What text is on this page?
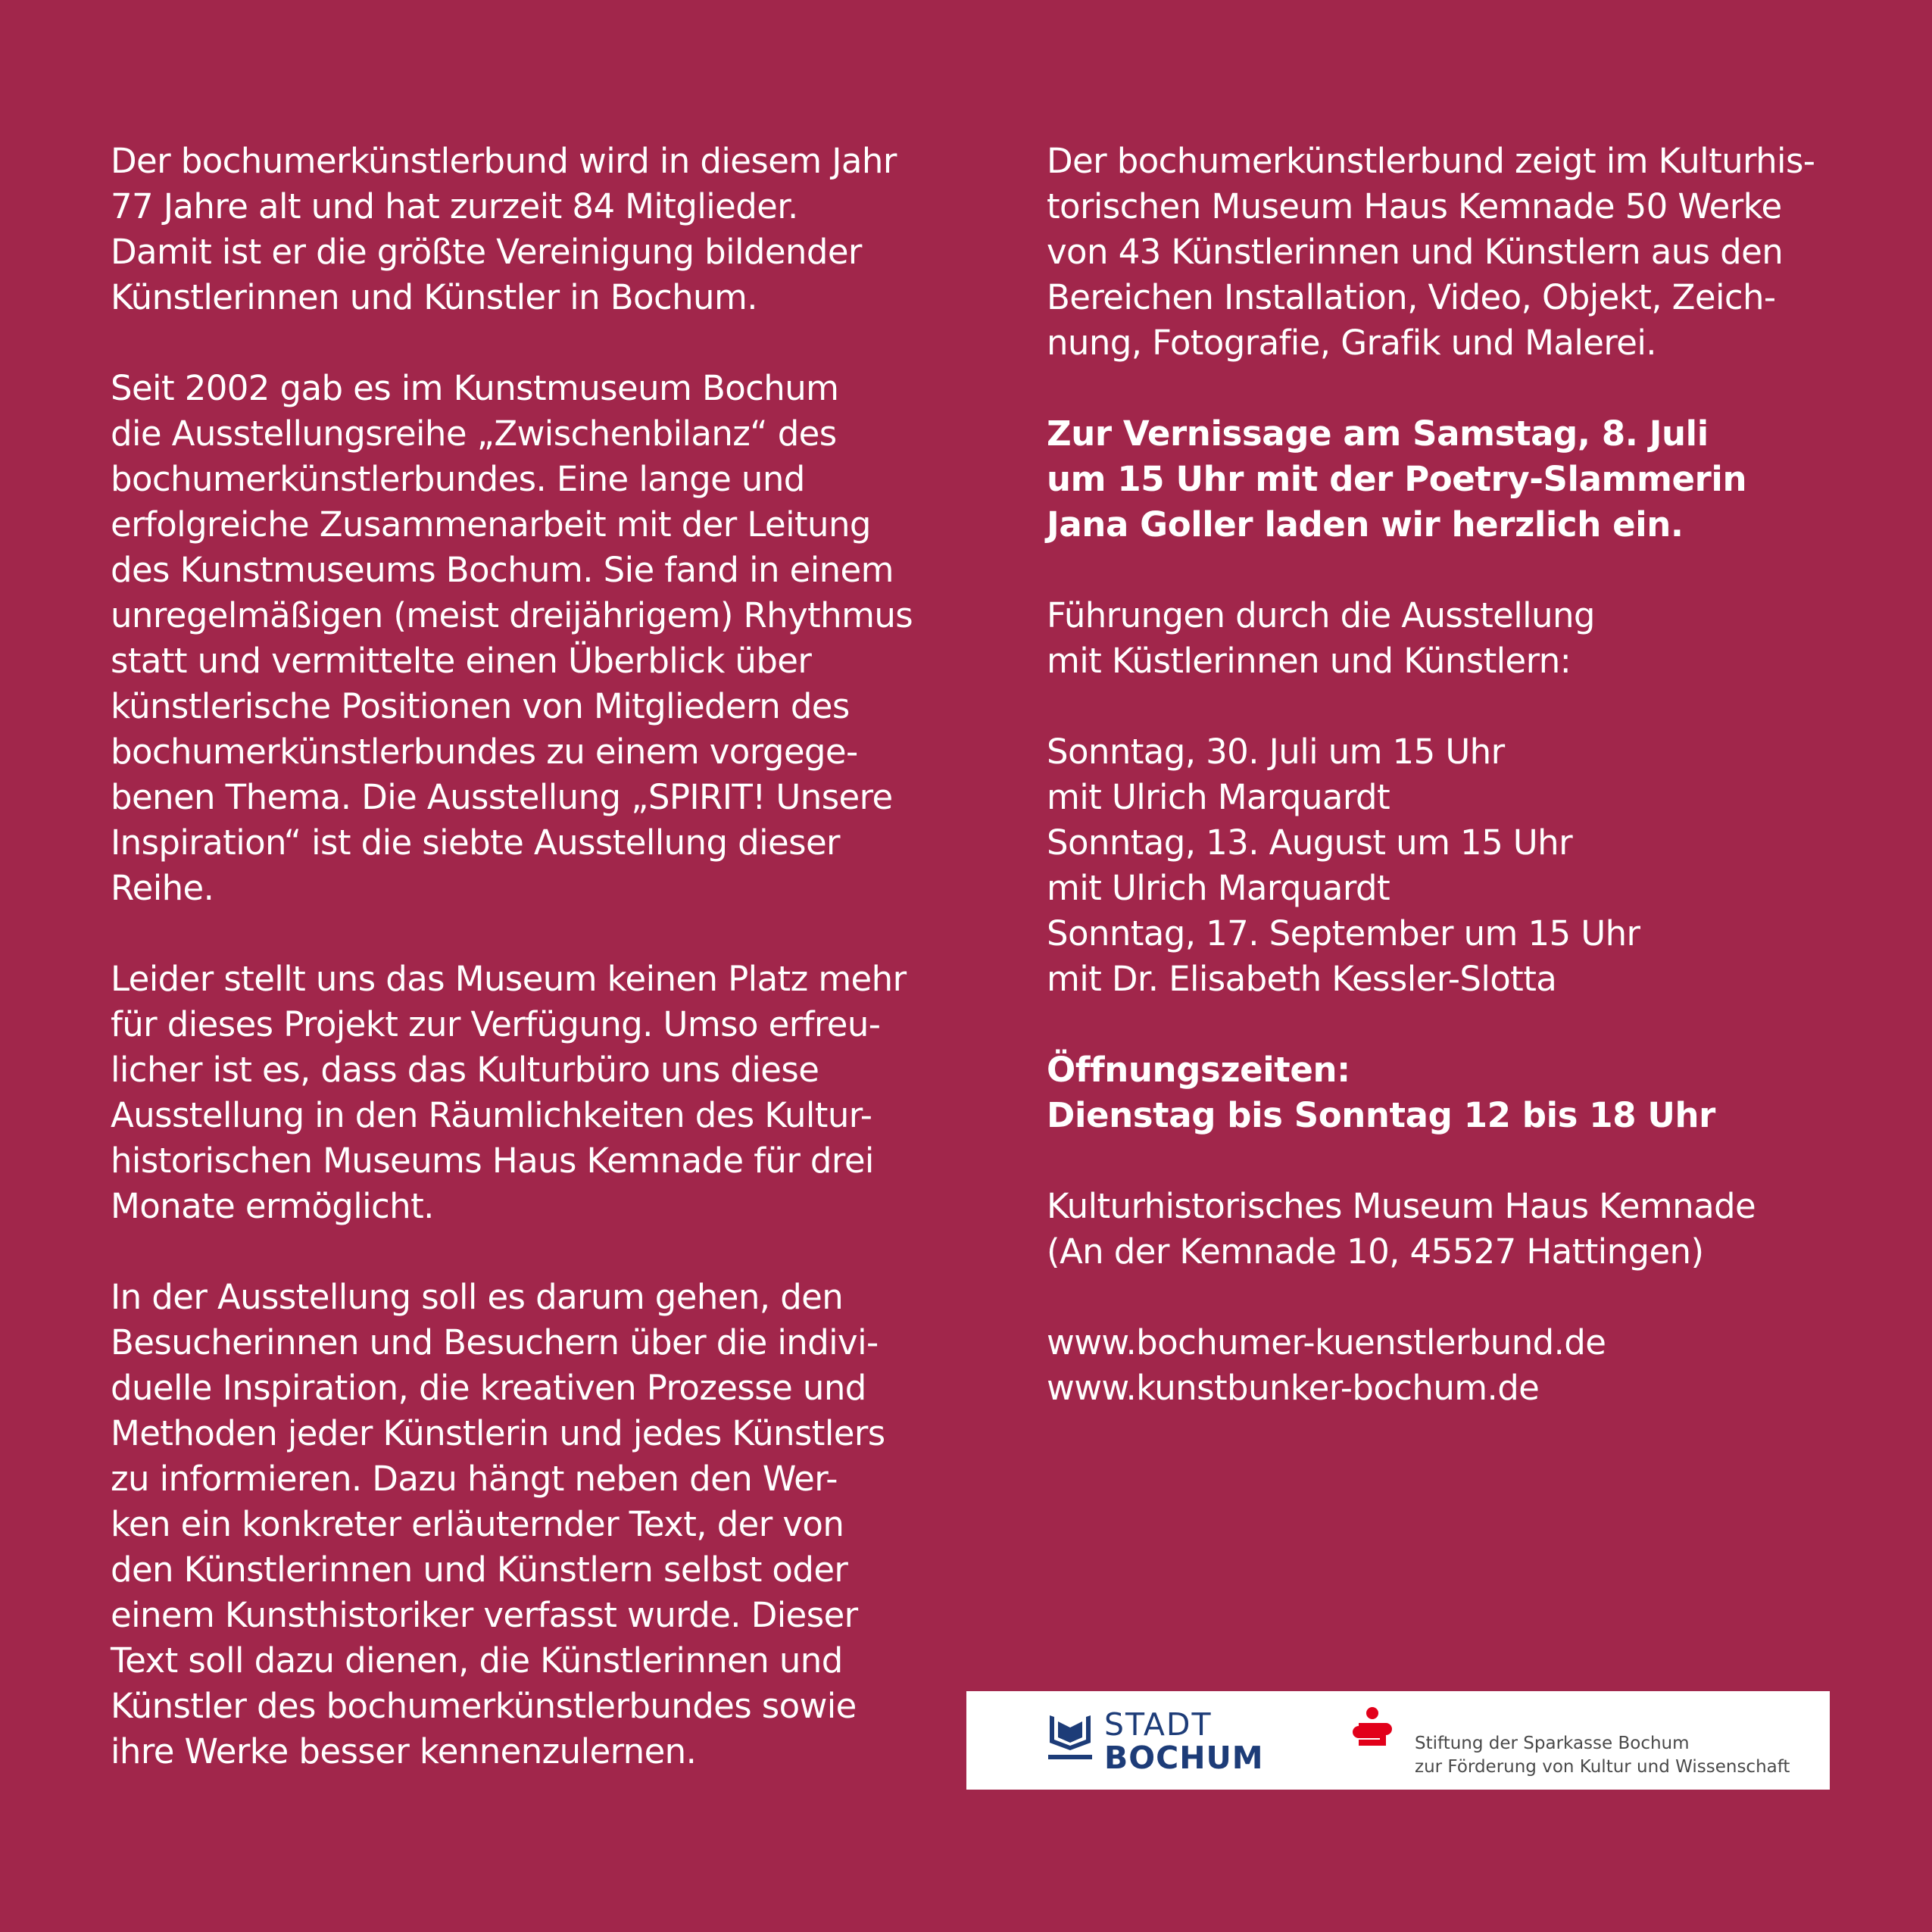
Der bochumerkünstlerbund wird in diesem Jahr
77 Jahre alt und hat zurzeit 84 Mitglieder.
Damit ist er die größte Vereinigung bildender
Künstlerinnen und Künstler in Bochum.
Seit 2002 gab es im Kunstmuseum Bochum
die Ausstellungsreihe „Zwischenbilanz“ des
bochumerkünstlerbundes. Eine lange und
erfolgreiche Zusammenarbeit mit der Leitung
des Kunstmuseums Bochum. Sie fand in einem
unregelmäßigen (meist dreijährigem) Rhythmus
statt und vermittelte einen Überblick über
künstlerische Positionen von Mitgliedern des
bochumerkünstlerbundes zu einem vorgege-
benen Thema. Die Ausstellung „SPIRIT! Unsere
Inspiration“ ist die siebte Ausstellung dieser
Reihe.
Leider stellt uns das Museum keinen Platz mehr
für dieses Projekt zur Verfügung. Umso erfreu-
licher ist es, dass das Kulturbüro uns diese
Ausstellung in den Räumlichkeiten des Kultur-
historischen Museums Haus Kemnade für drei
Monate ermöglicht.
In der Ausstellung soll es darum gehen, den
Besucherinnen und Besuchern über die indivi-
duelle Inspiration, die kreativen Prozesse und
Methoden jeder Künstlerin und jedes Künstlers
zu informieren. Dazu hängt neben den Wer-
ken ein konkreter erläuternder Text, der von
den Künstlerinnen und Künstlern selbst oder
einem Kunsthistoriker verfasst wurde. Dieser
Text soll dazu dienen, die Künstlerinnen und
Künstler des bochumerkünstlerbundes sowie
ihre Werke besser kennenzulernen.
Der bochumerkünstlerbund zeigt im Kulturhis-
torischen Museum Haus Kemnade 50 Werke
von 43 Künstlerinnen und Künstlern aus den
Bereichen Installation, Video, Objekt, Zeich-
nung, Fotografie, Grafik und Malerei.
Zur Vernissage am Samstag, 8. Juli
um 15 Uhr mit der Poetry-Slammerin
Jana Goller laden wir herzlich ein.
Führungen durch die Ausstellung
mit Küstlerinnen und Künstlern:
Sonntag, 30. Juli um 15 Uhr
mit Ulrich Marquardt
Sonntag, 13. August um 15 Uhr
mit Ulrich Marquardt
Sonntag, 17. September um 15 Uhr
mit Dr. Elisabeth Kessler-Slotta
Öffnungszeiten:
Dienstag bis Sonntag 12 bis 18 Uhr
Kulturhistorisches Museum Haus Kemnade
(An der Kemnade 10, 45527 Hattingen)
www.bochumer-kuenstlerbund.de
www.kunstbunker-bochum.de
STADT
BOCHUM	Stiftung der Sparkasse Bochum
zur Förderung von Kultur und Wissenschaft
